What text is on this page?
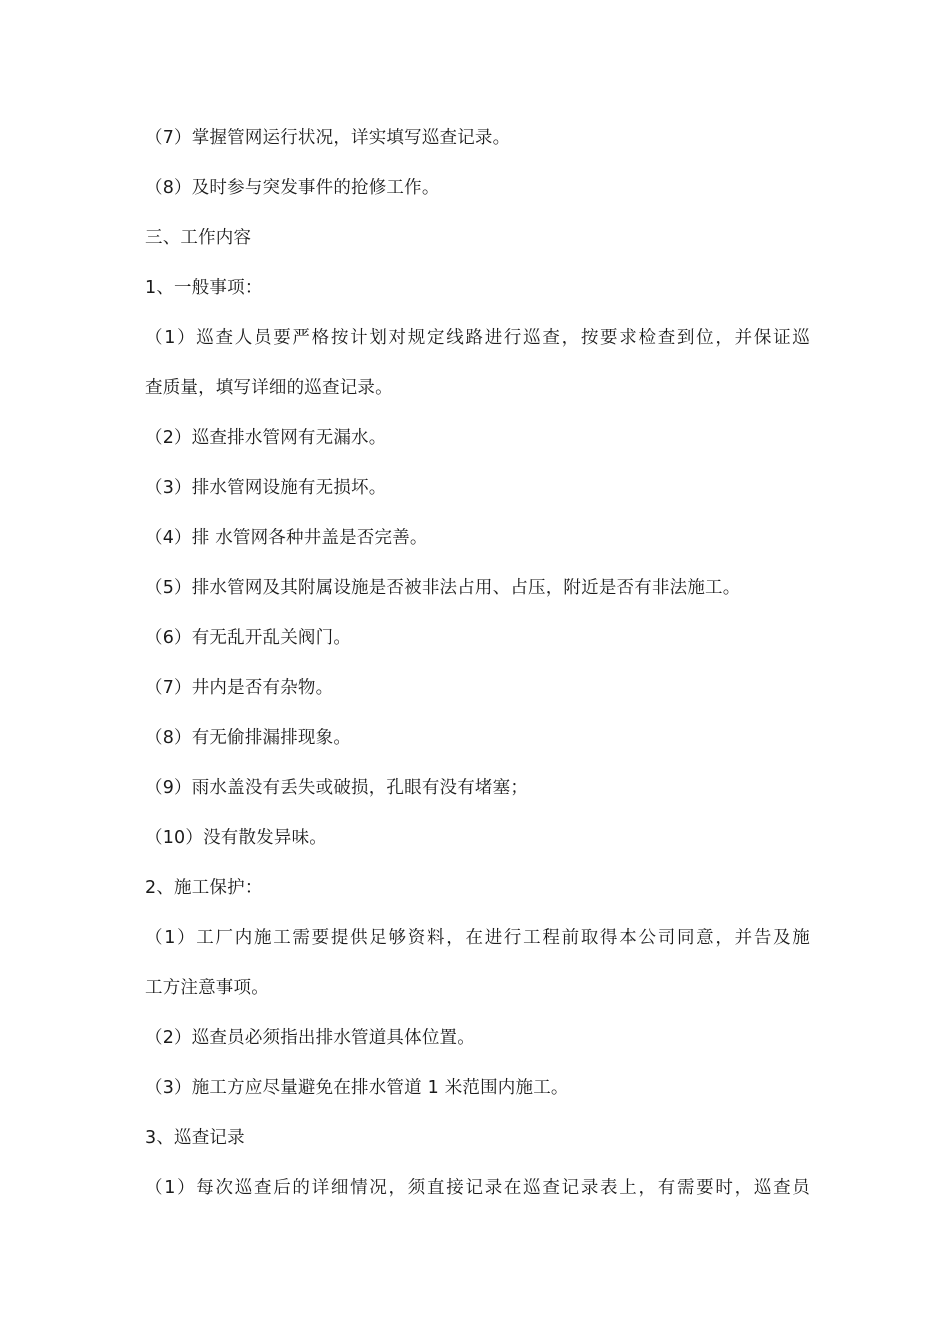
（7）掌握管网运行状况，详实填写巡查记录。
（8）及时参与突发事件的抢修工作。
三、工作内容
1、一般事项：
（1）巡查人员要严格按计划对规定线路进行巡查，按要求检查到位，并保证巡
查质量，填写详细的巡查记录。
（2）巡查排水管网有无漏水。
（3）排水管网设施有无损坏。
（4）排 水管网各种井盖是否完善。
（5）排水管网及其附属设施是否被非法占用、占压，附近是否有非法施工。
（6）有无乱开乱关阀门。
（7）井内是否有杂物。
（8）有无偷排漏排现象。
（9）雨水盖没有丢失或破损，孔眼有没有堵塞；
（10）没有散发异味。
2、施工保护：
（1）工厂内施工需要提供足够资料，在进行工程前取得本公司同意，并告及施
工方注意事项。
（2）巡查员必须指出排水管道具体位置。
（3）施工方应尽量避免在排水管道 1 米范围内施工。
3、巡查记录
（1）每次巡查后的详细情况，须直接记录在巡查记录表上，有需要时，巡查员
